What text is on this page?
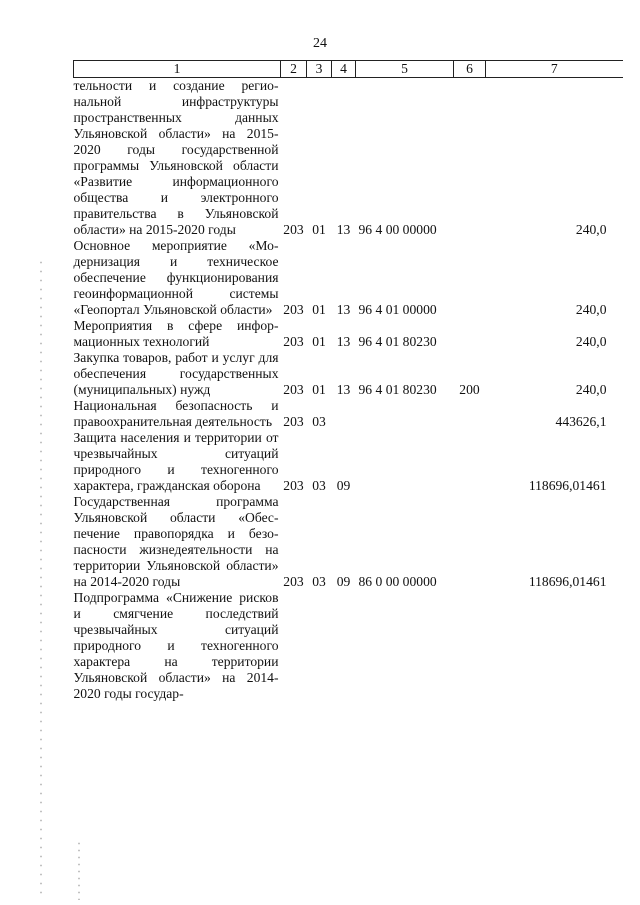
24
1	2	3	4	5	6	7
тельности и создание региональной инфраструктуры пространственных данных Ульяновской области» на 2015-2020 годы государственной программы Ульяновской области «Развитие информационного общества и электронного правительства в Ульяновской области» на 2015-2020 годы	203	01	13	96 4 00 00000		240,0
Основное мероприятие «Модернизация и техническое обеспечение функционирования геоинформационной системы «Геопортал Ульяновской области»	203	01	13	96 4 01 00000		240,0
Мероприятия в сфере информационных технологий	203	01	13	96 4 01 80230		240,0
Закупка товаров, работ и услуг для обеспечения государственных (муниципальных) нужд	203	01	13	96 4 01 80230	200	240,0
Национальная безопасность и правоохранительная деятельность	203	03				443626,1
Защита населения и территории от чрезвычайных ситуаций природного и техногенного характера, гражданская оборона	203	03	09			118696,01461
Государственная программа Ульяновской области «Обеспечение правопорядка и безопасности жизнедеятельности на территории Ульяновской области» на 2014-2020 годы	203	03	09	86 0 00 00000		118696,01461
Подпрограмма «Снижение рисков и смягчение последствий чрезвычайных ситуаций природного и техногенного характера на территории Ульяновской области» на 2014-2020 годы государ-						
